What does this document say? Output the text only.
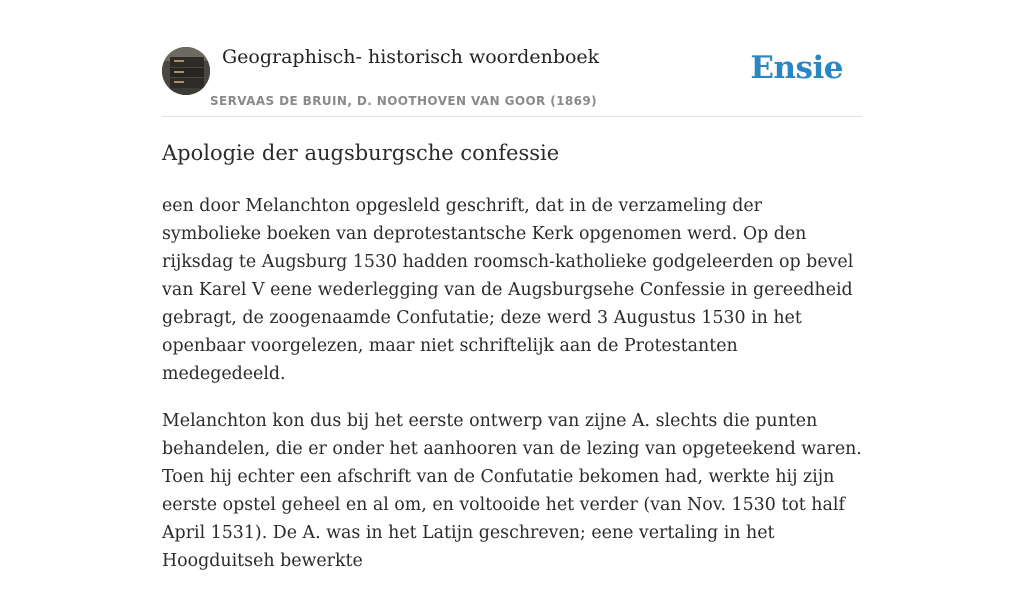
Geographisch- historisch woordenboek
SERVAAS DE BRUIN, D. NOOTHOVEN VAN GOOR (1869)
Ensie
Apologie der augsburgsche confessie

een door Melanchton opgesleld geschrift, dat in de verzameling der symbolieke boeken van deprotestantsche Kerk opgenomen werd. Op den rijksdag te Augsburg 1530 hadden roomsch-katholieke godgeleerden op bevel van Karel V eene wederlegging van de Augsburgsehe Confessie in gereedheid gebragt, de zoogenaamde Confutatie; deze werd 3 Augustus 1530 in het openbaar voorgelezen, maar niet schriftelijk aan de Protestanten medegedeeld.

Melanchton kon dus bij het eerste ontwerp van zijne A. slechts die punten behandelen, die er onder het aanhooren van de lezing van opgeteekend waren. Toen hij echter een afschrift van de Confutatie bekomen had, werkte hij zijn eerste opstel geheel en al om, en voltooide het verder (van Nov. 1530 tot half April 1531). De A. was in het Latijn geschreven; eene vertaling in het Hoogduitseh bewerkte
